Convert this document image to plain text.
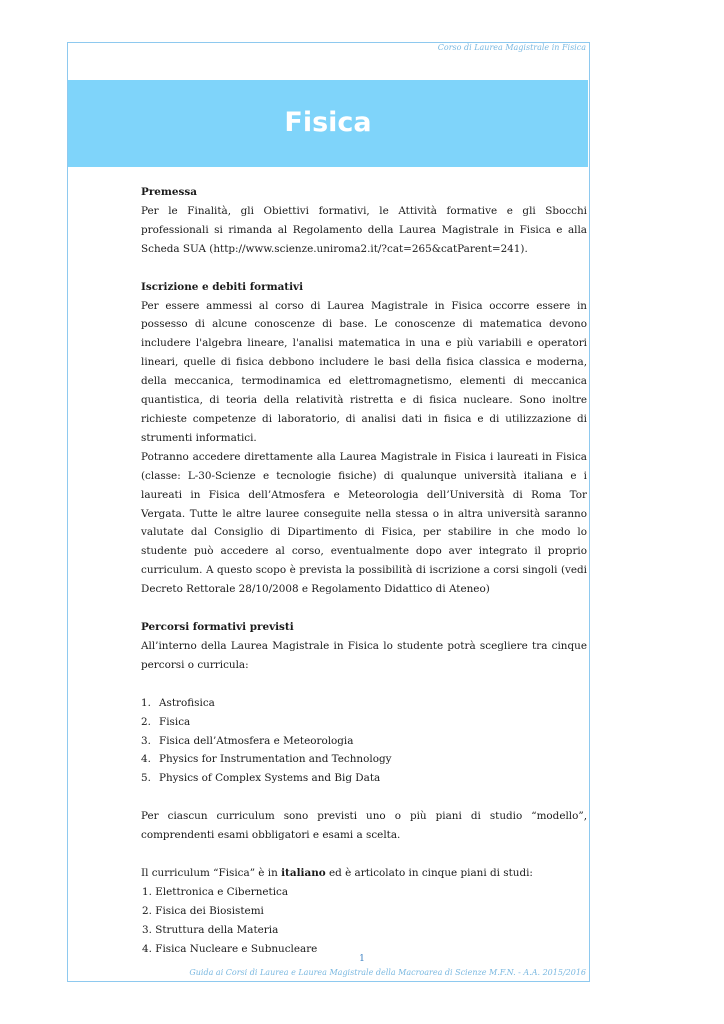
Corso di Laurea Magistrale in Fisica
Fisica

Premessa

Per le Finalità, gli Obiettivi formativi, le Attività formative e gli Sbocchi professionali si rimanda al Regolamento della Laurea Magistrale in Fisica e alla Scheda SUA (http://www.scienze.uniroma2.it/?cat=265&catParent=241).

Iscrizione e debiti formativi

Per essere ammessi al corso di Laurea Magistrale in Fisica occorre essere in possesso di alcune conoscenze di base. Le conoscenze di matematica devono includere l'algebra lineare, l'analisi matematica in una e più variabili e operatori lineari, quelle di fisica debbono includere le basi della fisica classica e moderna, della meccanica, termodinamica ed elettromagnetismo, elementi di meccanica quantistica, di teoria della relatività ristretta e di fisica nucleare. Sono inoltre richieste competenze di laboratorio, di analisi dati in fisica e di utilizzazione di strumenti informatici.

Potranno accedere direttamente alla Laurea Magistrale in Fisica i laureati in Fisica (classe: L-30-Scienze e tecnologie fisiche) di qualunque università italiana e i laureati in Fisica dell’Atmosfera e Meteorologia dell’Università di Roma Tor Vergata. Tutte le altre lauree conseguite nella stessa o in altra università saranno valutate dal Consiglio di Dipartimento di Fisica, per stabilire in che modo lo studente può accedere al corso, eventualmente dopo aver integrato il proprio curriculum. A questo scopo è prevista la possibilità di iscrizione a corsi singoli (vedi Decreto Rettorale 28/10/2008 e Regolamento Didattico di Ateneo)

Percorsi formativi previsti

All’interno della Laurea Magistrale in Fisica lo studente potrà scegliere tra cinque percorsi o curricula:

1. Astrofisica
2. Fisica
3. Fisica dell’Atmosfera e Meteorologia
4. Physics for Instrumentation and Technology
5. Physics of Complex Systems and Big Data

Per ciascun curriculum sono previsti uno o più piani di studio “modello”, comprendenti esami obbligatori e esami a scelta.

Il curriculum “Fisica” è in italiano ed è articolato in cinque piani di studi:

1.
Elettronica e Cibernetica
2.
Fisica dei Biosistemi
3.
Struttura della Materia
4.
Fisica Nucleare e Subnucleare
1
Guida ai Corsi di Laurea e Laurea Magistrale della Macroarea di Scienze M.F.N. - A.A. 2015/2016
